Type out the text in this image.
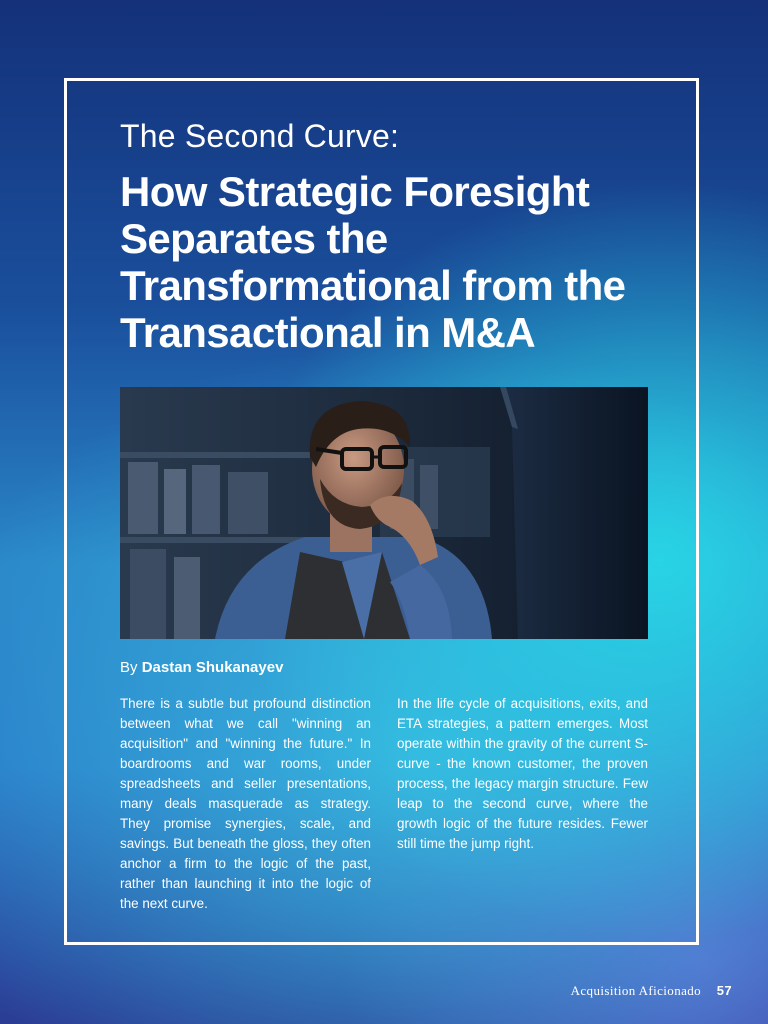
The Second Curve:
How Strategic Foresight Separates the Transformational from the Transactional in M&A
By Dastan Shukanayev

There is a subtle but profound distinction between what we call "winning an acquisition" and "winning the future." In boardrooms and war rooms, under spreadsheets and seller presentations, many deals masquerade as strategy. They promise synergies, scale, and savings. But beneath the gloss, they often anchor a firm to the logic of the past, rather than launching it into the logic of the next curve.

In the life cycle of acquisitions, exits, and ETA strategies, a pattern emerges. Most operate within the gravity of the current S-curve - the known customer, the proven process, the legacy margin structure. Few leap to the second curve, where the growth logic of the future resides. Fewer still time the jump right.

Acquisition Aficionado 57
